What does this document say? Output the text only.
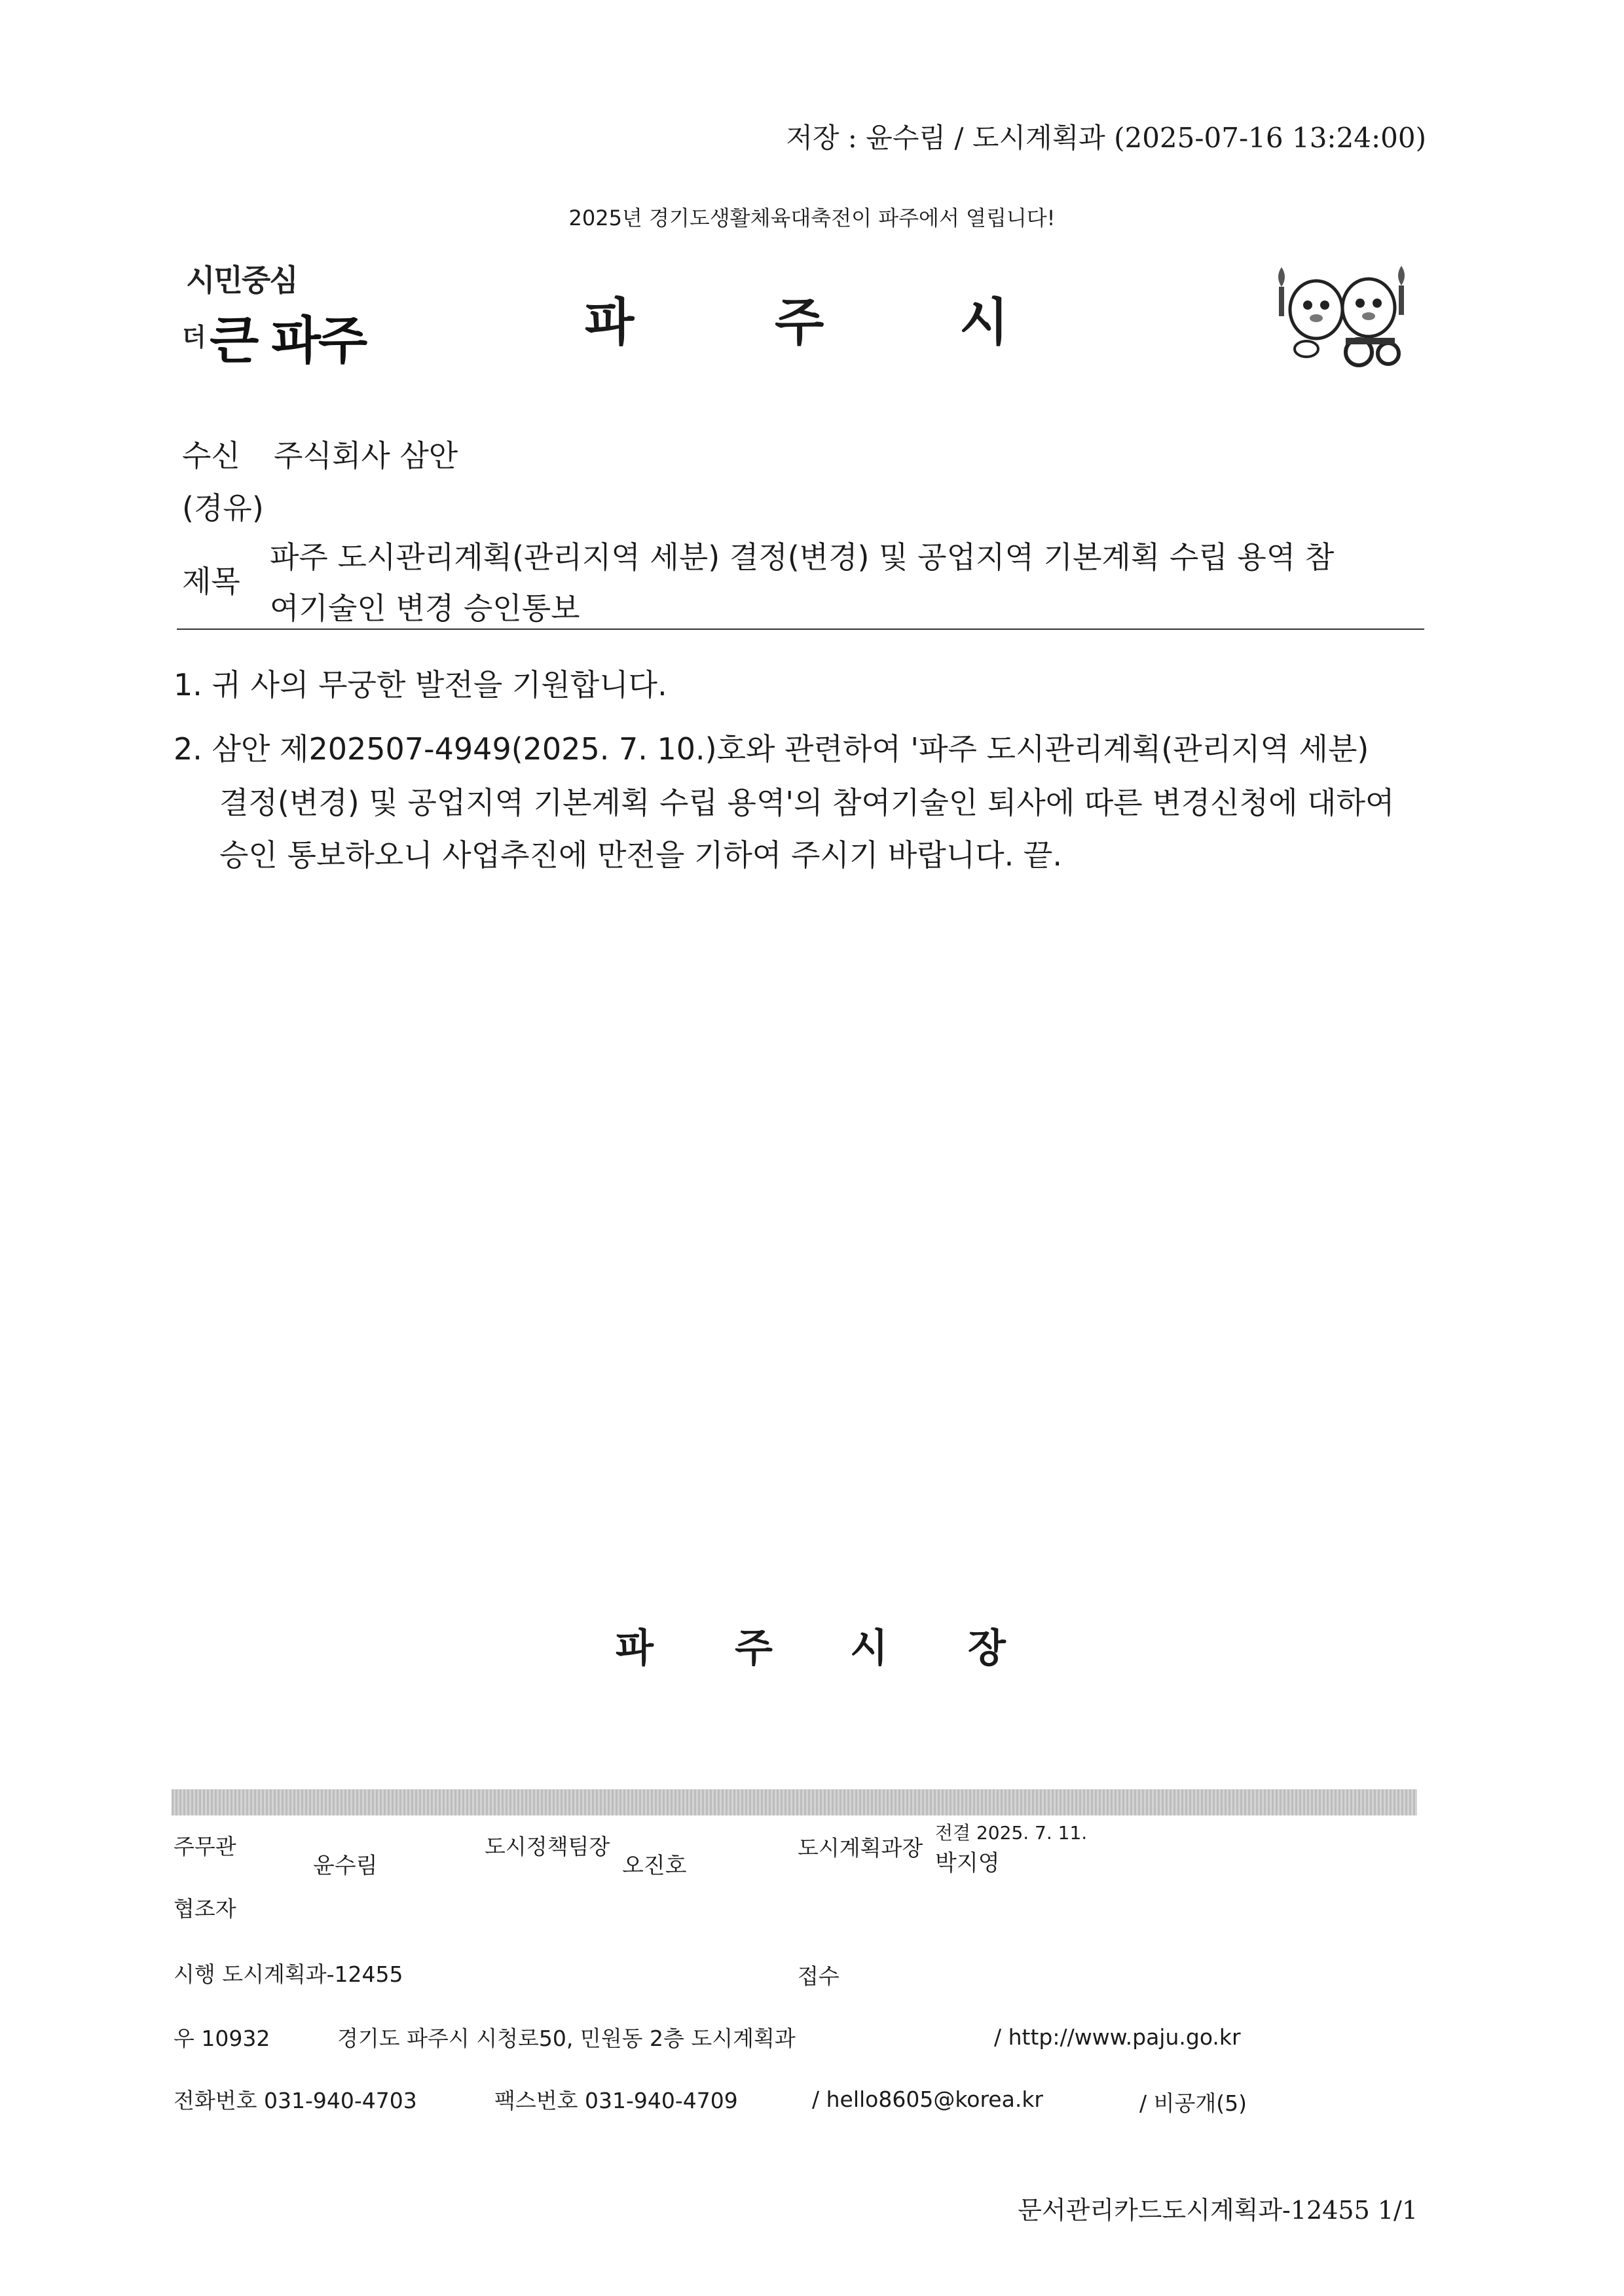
저장 : 윤수림 / 도시계획과 (2025-07-16 13:24:00)
2025년 경기도생활체육대축전이 파주에서 열립니다!
시민중심
더 큰 파주	파	주	시
수신 주식회사 삼안
(경유)
제목
파주 도시관리계획(관리지역 세분) 결정(변경) 및 공업지역 기본계획 수립 용역 참
여기술인 변경 승인통보
1. 귀 사의 무궁한 발전을 기원합니다.
2. 삼안 제202507-4949(2025. 7. 10.)호와 관련하여 '파주 도시관리계획(관리지역 세분)
결정(변경) 및 공업지역 기본계획 수립 용역'의 참여기술인 퇴사에 따른 변경신청에 대하여
승인 통보하오니 사업추진에 만전을 기하여 주시기 바랍니다. 끝.
파 주 시 장
주무관
윤수림
도시정책팀장
오진호
도시계획과장
전결 2025. 7. 11.
박지영
협조자
시행 도시계획과-12455	접수
우 10932	경기도 파주시 시청로50, 민원동 2층 도시계획과	/ http://www.paju.go.kr
전화번호 031-940-4703	팩스번호 031-940-4709	/ hello8605@korea.kr	/ 비공개(5)
문서관리카드도시계획과-12455 1/1
